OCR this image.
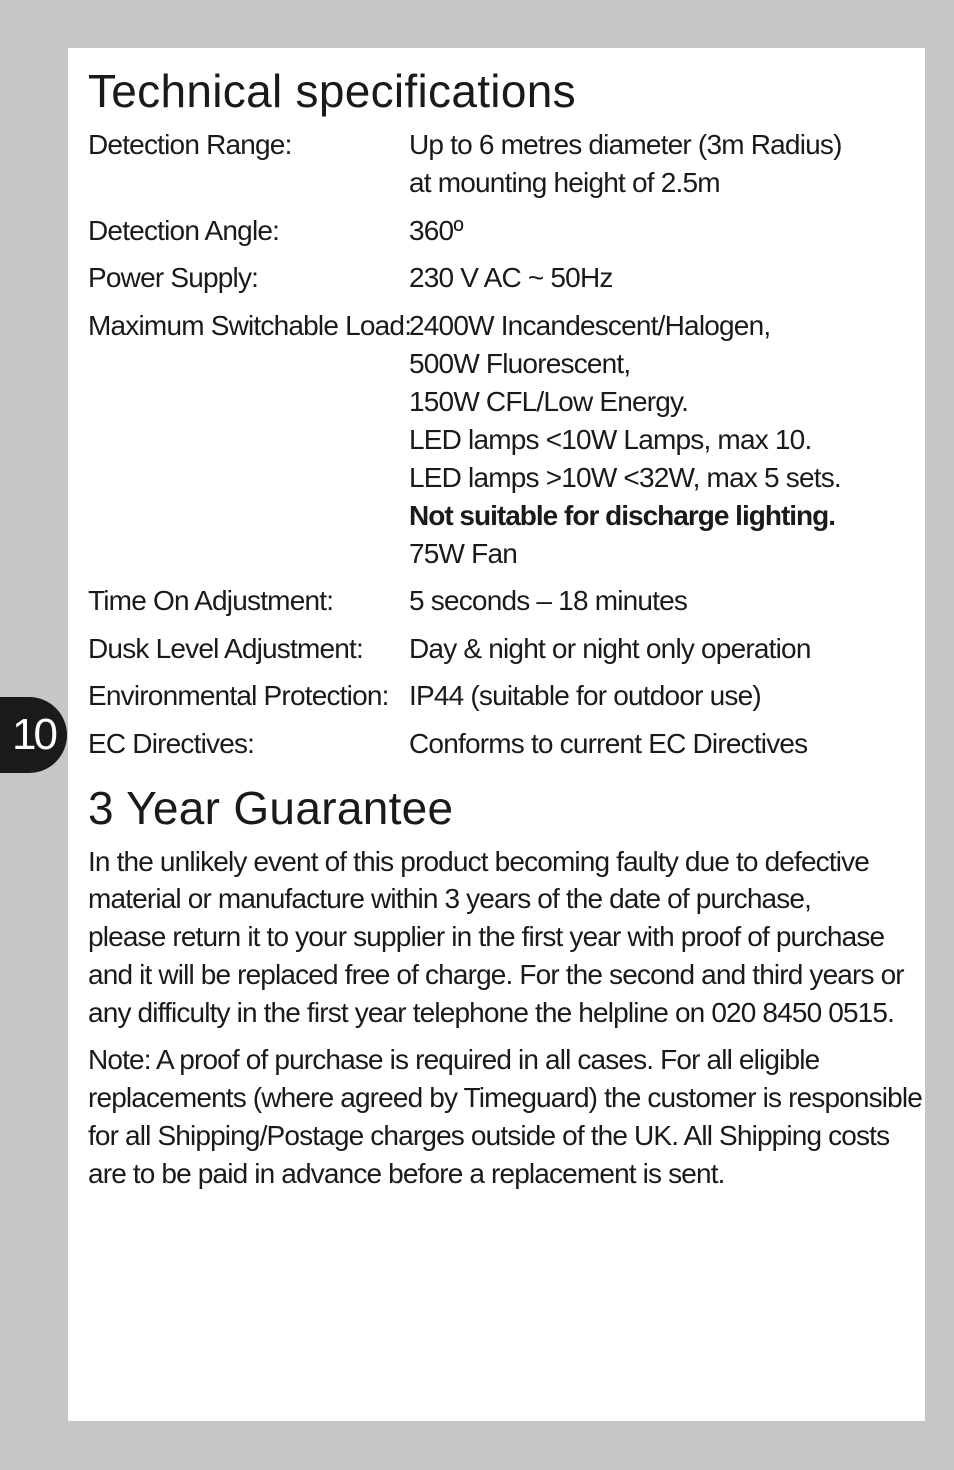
10
Technical specifications
Detection Range:	Up to 6 metres diameter (3m Radius)
at mounting height of 2.5m
Detection Angle:	360º
Power Supply:	230 V AC ~ 50Hz
Maximum Switchable Load:
2400W Incandescent/Halogen,
500W Fluorescent,
150W CFL/Low Energy.
LED lamps <10W Lamps, max 10.
LED lamps >10W <32W, max 5 sets.
Not suitable for discharge lighting.
75W Fan
Time On Adjustment:	5 seconds – 18 minutes
Dusk Level Adjustment:	Day & night or night only operation
Environmental Protection: IP44 (suitable for outdoor use)
EC Directives:	Conforms to current EC Directives
3 Year Guarantee
In the unlikely event of this product becoming faulty due to defective
material or manufacture within 3 years of the date of purchase,
please return it to your supplier in the first year with proof of purchase
and it will be replaced free of charge. For the second and third years or
any difficulty in the first year telephone the helpline on 020 8450 0515.
Note: A proof of purchase is required in all cases. For all eligible
replacements (where agreed by Timeguard) the customer is responsible
for all Shipping/Postage charges outside of the UK. All Shipping costs
are to be paid in advance before a replacement is sent.
